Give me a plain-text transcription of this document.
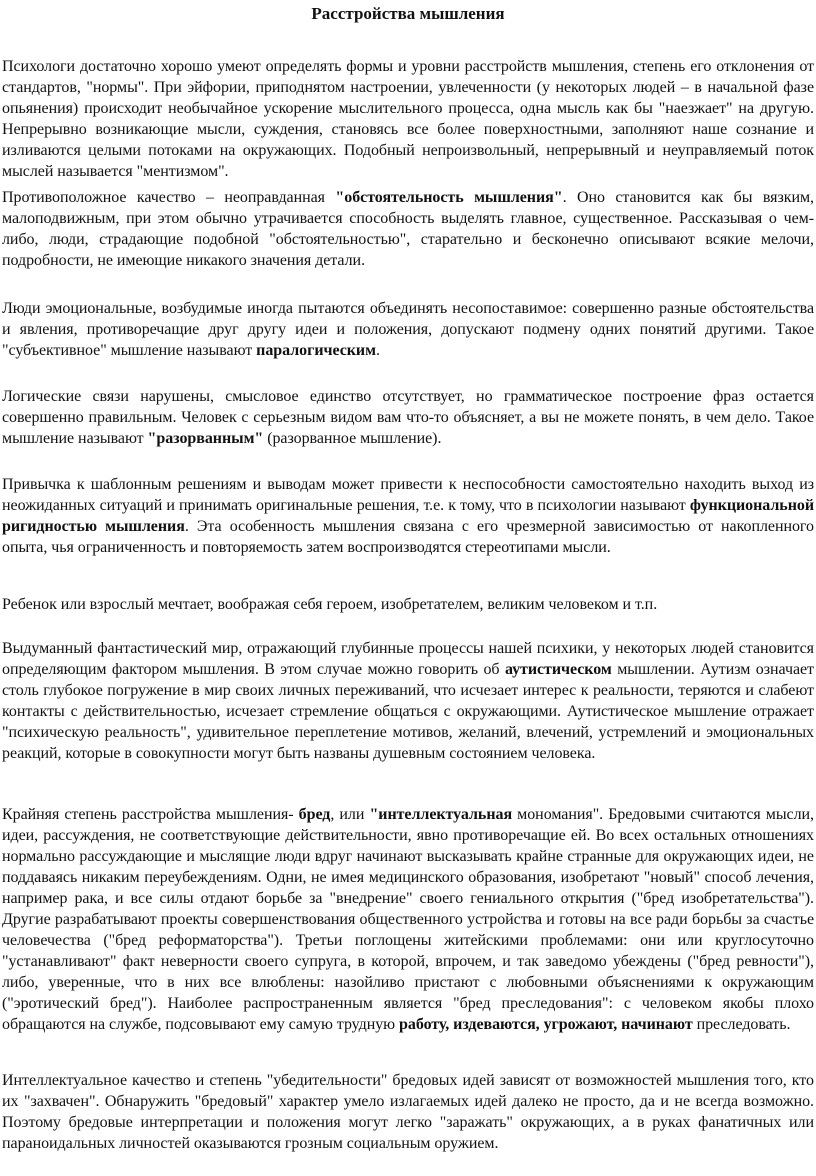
Расстройства мышления

Психологи достаточно хорошо умеют определять формы и уровни расстройств мышления, степень его отклонения от стандартов, "нормы". При эйфории, приподнятом настроении, увлеченности (у некоторых людей – в начальной фазе опьянения) происходит необычайное ускорение мыслительного процесса, одна мысль как бы "наезжает" на другую. Непрерывно возникающие мысли, суждения, становясь все более поверхностными, заполняют наше сознание и изливаются целыми потоками на окружающих. Подобный непроизвольный, непрерывный и неуправляемый поток мыслей называется "ментизмом".

Противоположное качество – неоправданная "обстоятельность мышления". Оно становится как бы вязким, малоподвижным, при этом обычно утрачивается способность выделять главное, существенное. Рассказывая о чем-либо, люди, страдающие подобной "обстоятельностью", старательно и бесконечно описывают всякие мелочи, подробности, не имеющие никакого значения детали.

Люди эмоциональные, возбудимые иногда пытаются объединять несопоставимое: совершенно разные обстоятельства и явления, противоречащие друг другу идеи и положения, допускают подмену одних понятий другими. Такое "субъективное" мышление называют паралогическим.

Логические связи нарушены, смысловое единство отсутствует, но грамматическое построение фраз остается совершенно правильным. Человек с серьезным видом вам что-то объясняет, а вы не можете понять, в чем дело. Такое мышление называют "разорванным" (разорванное мышление).

Привычка к шаблонным решениям и выводам может привести к неспособности самостоятельно находить выход из неожиданных ситуаций и принимать оригинальные решения, т.е. к тому, что в психологии называют функциональной ригидностью мышления. Эта особенность мышления связана с его чрезмерной зависимостью от накопленного опыта, чья ограниченность и повторяемость затем воспроизводятся стереотипами мысли.

Ребенок или взрослый мечтает, воображая себя героем, изобретателем, великим человеком и т.п.

Выдуманный фантастический мир, отражающий глубинные процессы нашей психики, у некоторых людей становится определяющим фактором мышления. В этом случае можно говорить об аутистическом мышлении. Аутизм означает столь глубокое погружение в мир своих личных переживаний, что исчезает интерес к реальности, теряются и слабеют контакты с действительностью, исчезает стремление общаться с окружающими. Аутистическое мышление отражает "психическую реальность", удивительное переплетение мотивов, желаний, влечений, устремлений и эмоциональных реакций, которые в совокупности могут быть названы душевным состоянием человека.

Крайняя степень расстройства мышления- бред, или "интеллектуальная мономания". Бредовыми считаются мысли, идеи, рассуждения, не соответствующие действительности, явно противоречащие ей. Во всех остальных отношениях нормально рассуждающие и мыслящие люди вдруг начинают высказывать крайне странные для окружающих идеи, не поддаваясь никаким переубеждениям. Одни, не имея медицинского образования, изобретают "новый" способ лечения, например рака, и все силы отдают борьбе за "внедрение" своего гениального открытия ("бред изобретательства"). Другие разрабатывают проекты совершенствования общественного устройства и готовы на все ради борьбы за счастье человечества ("бред реформаторства"). Третьи поглощены житейскими проблемами: они или круглосуточно "устанавливают" факт неверности своего супруга, в которой, впрочем, и так заведомо убеждены ("бред ревности"), либо, уверенные, что в них все влюблены: назойливо пристают с любовными объяснениями к окружающим ("эротический бред"). Наиболее распространенным является "бред преследования": с человеком якобы плохо обращаются на службе, подсовывают ему самую трудную работу, издеваются, угрожают, начинают преследовать.

Интеллектуальное качество и степень "убедительности" бредовых идей зависят от возможностей мышления того, кто их "захвачен". Обнаружить "бредовый" характер умело излагаемых идей далеко не просто, да и не всегда возможно. Поэтому бредовые интерпретации и положения могут легко "заражать" окружающих, а в руках фанатичных или параноидальных личностей оказываются грозным социальным оружием.
